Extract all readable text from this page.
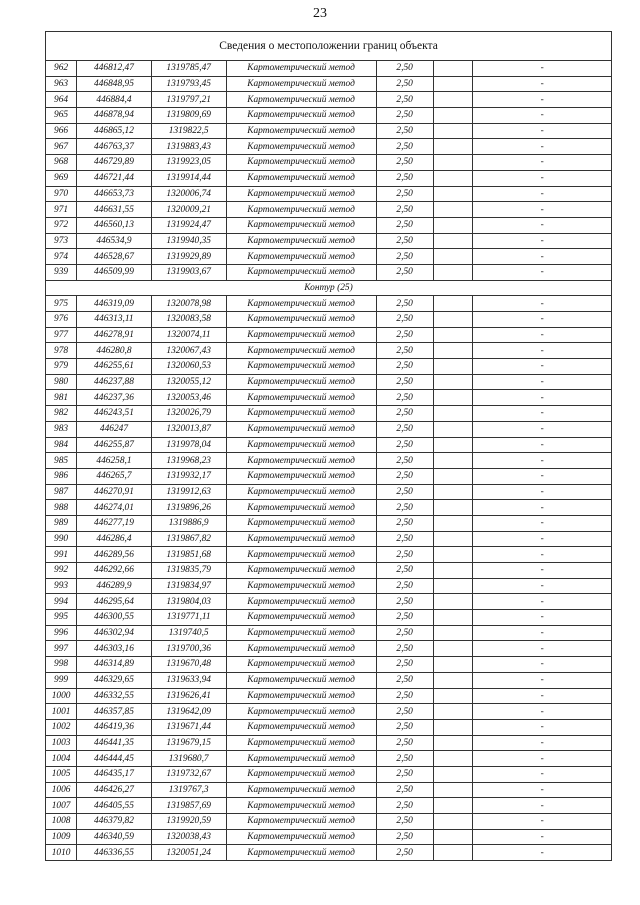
23
Сведения о местоположении границ объекта						
962	446812,47	1319785,47	Картометрический метод	2,50		-
963	446848,95	1319793,45	Картометрический метод	2,50		-
964	446884,4	1319797,21	Картометрический метод	2,50		-
965	446878,94	1319809,69	Картометрический метод	2,50		-
966	446865,12	1319822,5	Картометрический метод	2,50		-
967	446763,37	1319883,43	Картометрический метод	2,50		-
968	446729,89	1319923,05	Картометрический метод	2,50		-
969	446721,44	1319914,44	Картометрический метод	2,50		-
970	446653,73	1320006,74	Картометрический метод	2,50		-
971	446631,55	1320009,21	Картометрический метод	2,50		-
972	446560,13	1319924,47	Картометрический метод	2,50		-
973	446534,9	1319940,35	Картометрический метод	2,50		-
974	446528,67	1319929,89	Картометрический метод	2,50		-
939	446509,99	1319903,67	Картометрический метод	2,50		-
Контур (25)						
975	446319,09	1320078,98	Картометрический метод	2,50		-
976	446313,11	1320083,58	Картометрический метод	2,50		-
977	446278,91	1320074,11	Картометрический метод	2,50		-
978	446280,8	1320067,43	Картометрический метод	2,50		-
979	446255,61	1320060,53	Картометрический метод	2,50		-
980	446237,88	1320055,12	Картометрический метод	2,50		-
981	446237,36	1320053,46	Картометрический метод	2,50		-
982	446243,51	1320026,79	Картометрический метод	2,50		-
983	446247	1320013,87	Картометрический метод	2,50		-
984	446255,87	1319978,04	Картометрический метод	2,50		-
985	446258,1	1319968,23	Картометрический метод	2,50		-
986	446265,7	1319932,17	Картометрический метод	2,50		-
987	446270,91	1319912,63	Картометрический метод	2,50		-
988	446274,01	1319896,26	Картометрический метод	2,50		-
989	446277,19	1319886,9	Картометрический метод	2,50		-
990	446286,4	1319867,82	Картометрический метод	2,50		-
991	446289,56	1319851,68	Картометрический метод	2,50		-
992	446292,66	1319835,79	Картометрический метод	2,50		-
993	446289,9	1319834,97	Картометрический метод	2,50		-
994	446295,64	1319804,03	Картометрический метод	2,50		-
995	446300,55	1319771,11	Картометрический метод	2,50		-
996	446302,94	1319740,5	Картометрический метод	2,50		-
997	446303,16	1319700,36	Картометрический метод	2,50		-
998	446314,89	1319670,48	Картометрический метод	2,50		-
999	446329,65	1319633,94	Картометрический метод	2,50		-
1000	446332,55	1319626,41	Картометрический метод	2,50		-
1001	446357,85	1319642,09	Картометрический метод	2,50		-
1002	446419,36	1319671,44	Картометрический метод	2,50		-
1003	446441,35	1319679,15	Картометрический метод	2,50		-
1004	446444,45	1319680,7	Картометрический метод	2,50		-
1005	446435,17	1319732,67	Картометрический метод	2,50		-
1006	446426,27	1319767,3	Картометрический метод	2,50		-
1007	446405,55	1319857,69	Картометрический метод	2,50		-
1008	446379,82	1319920,59	Картометрический метод	2,50		-
1009	446340,59	1320038,43	Картометрический метод	2,50		-
1010	446336,55	1320051,24	Картометрический метод	2,50		-
